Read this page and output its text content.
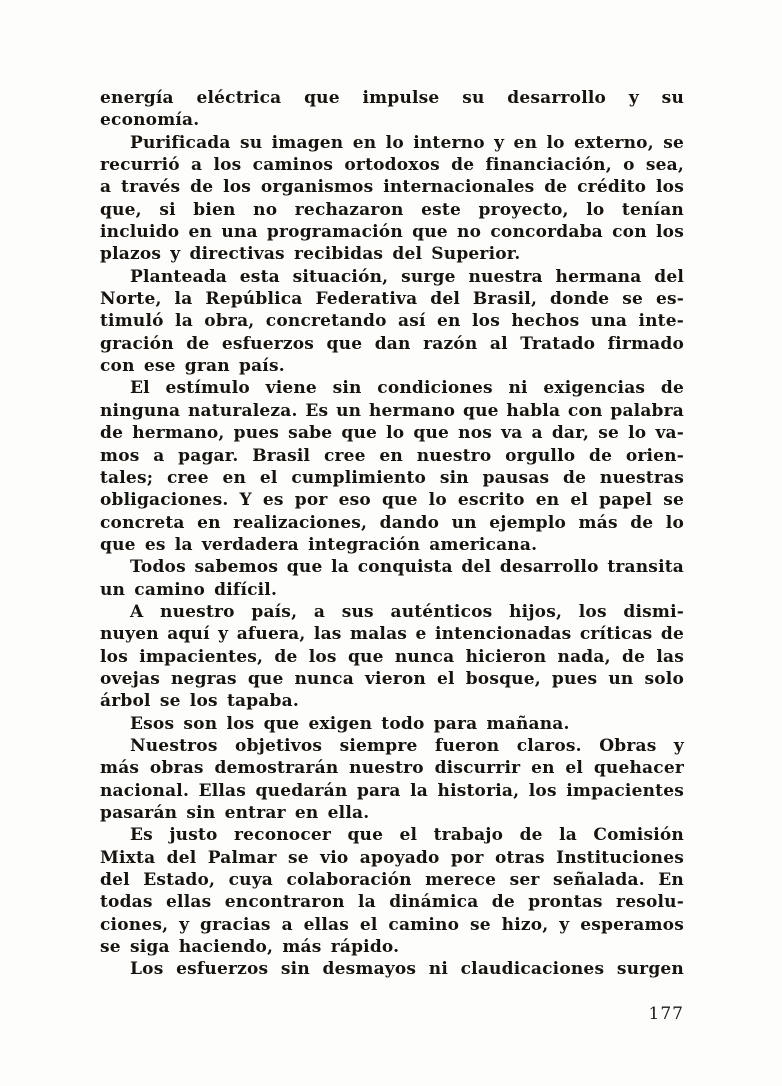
energía eléctrica que impulse su desarrollo y su
economía.
Purificada su imagen en lo interno y en lo externo, se
recurrió a los caminos ortodoxos de financiación, o sea,
a través de los organismos internacionales de crédito los
que, si bien no rechazaron este proyecto, lo tenían
incluido en una programación que no concordaba con los
plazos y directivas recibidas del Superior.
Planteada esta situación, surge nuestra hermana del
Norte, la República Federativa del Brasil, donde se es-
timuló la obra, concretando así en los hechos una inte-
gración de esfuerzos que dan razón al Tratado firmado
con ese gran país.
El estímulo viene sin condiciones ni exigencias de
ninguna naturaleza. Es un hermano que habla con palabra
de hermano, pues sabe que lo que nos va a dar, se lo va-
mos a pagar. Brasil cree en nuestro orgullo de orien-
tales; cree en el cumplimiento sin pausas de nuestras
obligaciones. Y es por eso que lo escrito en el papel se
concreta en realizaciones, dando un ejemplo más de lo
que es la verdadera integración americana.
Todos sabemos que la conquista del desarrollo transita
un camino difícil.
A nuestro país, a sus auténticos hijos, los dismi-
nuyen aquí y afuera, las malas e intencionadas críticas de
los impacientes, de los que nunca hicieron nada, de las
ovejas negras que nunca vieron el bosque, pues un solo
árbol se los tapaba.
Esos son los que exigen todo para mañana.
Nuestros objetivos siempre fueron claros. Obras y
más obras demostrarán nuestro discurrir en el quehacer
nacional. Ellas quedarán para la historia, los impacientes
pasarán sin entrar en ella.
Es justo reconocer que el trabajo de la Comisión
Mixta del Palmar se vio apoyado por otras Instituciones
del Estado, cuya colaboración merece ser señalada. En
todas ellas encontraron la dinámica de prontas resolu-
ciones, y gracias a ellas el camino se hizo, y esperamos
se siga haciendo, más rápido.
Los esfuerzos sin desmayos ni claudicaciones surgen
177
